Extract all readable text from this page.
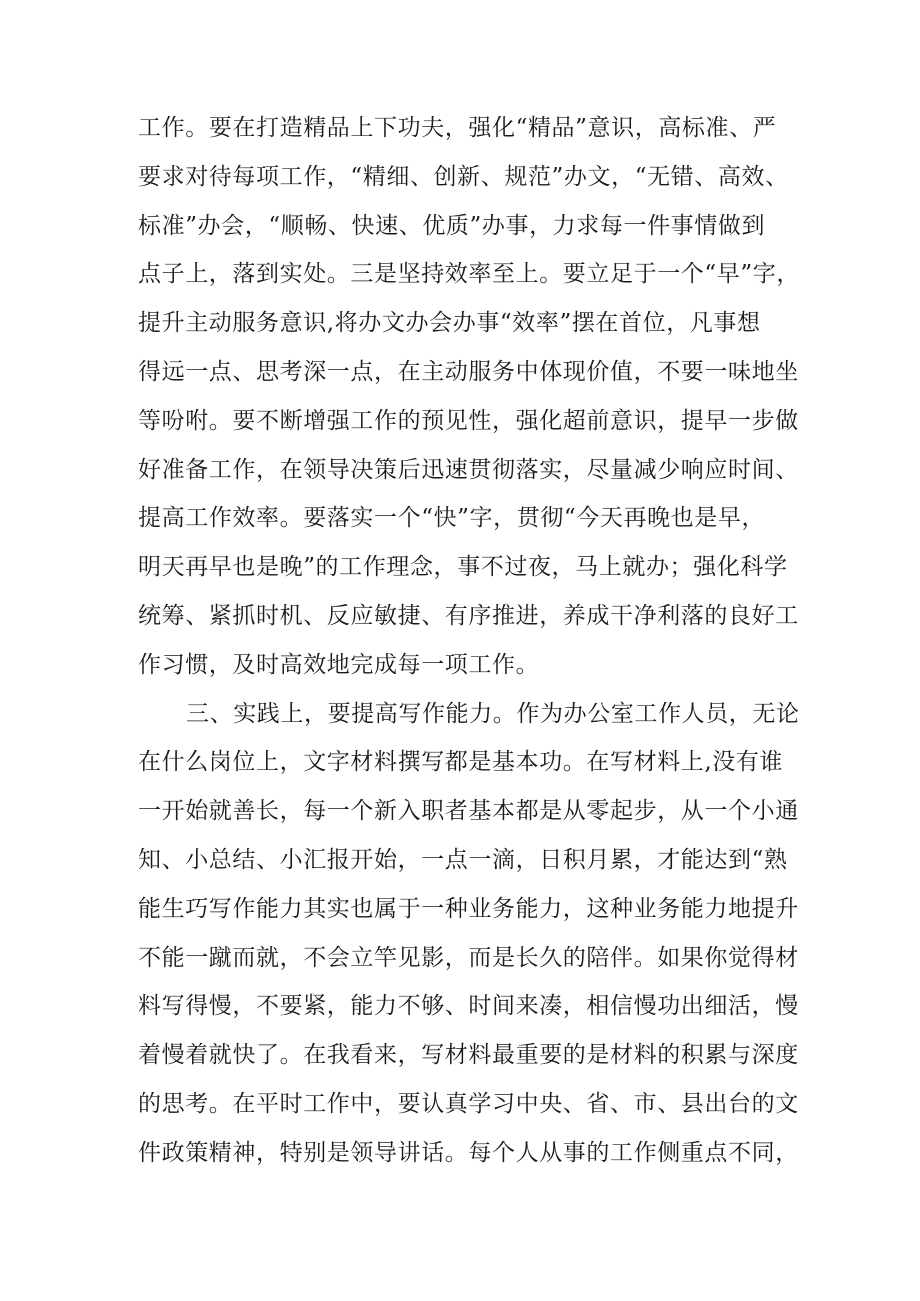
工作。要在打造精品上下功夫，强化“精品”意识，高标准、严
要求对待每项工作，“精细、创新、规范”办文，“无错、高效、
标准”办会，“顺畅、快速、优质”办事，力求每一件事情做到
点子上，落到实处。三是坚持效率至上。要立足于一个“早”字，
提升主动服务意识,将办文办会办事“效率”摆在首位，凡事想
得远一点、思考深一点，在主动服务中体现价值，不要一味地坐
等吩咐。要不断增强工作的预见性，强化超前意识，提早一步做
好准备工作，在领导决策后迅速贯彻落实，尽量减少响应时间、
提高工作效率。要落实一个“快”字，贯彻“今天再晚也是早，
明天再早也是晚”的工作理念，事不过夜，马上就办；强化科学
统筹、紧抓时机、反应敏捷、有序推进，养成干净利落的良好工
作习惯，及时高效地完成每一项工作。
三、实践上，要提高写作能力。作为办公室工作人员，无论
在什么岗位上，文字材料撰写都是基本功。在写材料上,没有谁
一开始就善长，每一个新入职者基本都是从零起步，从一个小通
知、小总结、小汇报开始，一点一滴，日积月累，才能达到“熟
能生巧写作能力其实也属于一种业务能力，这种业务能力地提升
不能一蹴而就，不会立竿见影，而是长久的陪伴。如果你觉得材
料写得慢，不要紧，能力不够、时间来凑，相信慢功出细活，慢
着慢着就快了。在我看来，写材料最重要的是材料的积累与深度
的思考。在平时工作中，要认真学习中央、省、市、县出台的文
件政策精神，特别是领导讲话。每个人从事的工作侧重点不同，
